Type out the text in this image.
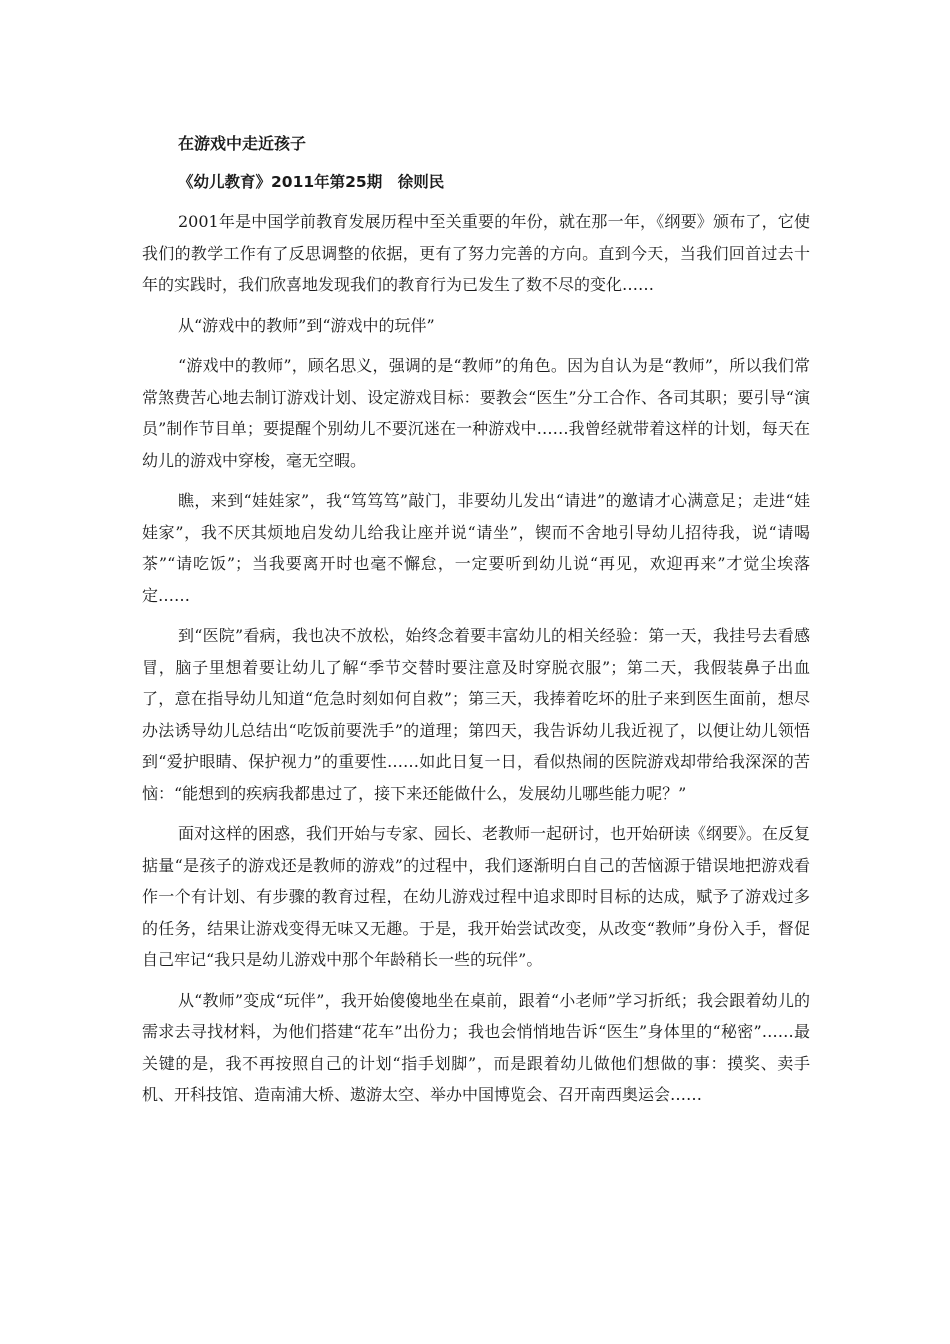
在游戏中走近孩子
《幼儿教育》2011年第25期　徐则民

2001年是中国学前教育发展历程中至关重要的年份，就在那一年，《纲要》颁布了，它使我们的教学工作有了反思调整的依据，更有了努力完善的方向。直到今天，当我们回首过去十年的实践时，我们欣喜地发现我们的教育行为已发生了数不尽的变化……

从“游戏中的教师”到“游戏中的玩伴”

“游戏中的教师”，顾名思义，强调的是“教师”的角色。因为自认为是“教师”，所以我们常常煞费苦心地去制订游戏计划、设定游戏目标：要教会“医生”分工合作、各司其职；要引导“演员”制作节目单；要提醒个别幼儿不要沉迷在一种游戏中……我曾经就带着这样的计划，每天在幼儿的游戏中穿梭，毫无空暇。

瞧，来到“娃娃家”，我“笃笃笃”敲门，非要幼儿发出“请进”的邀请才心满意足；走进“娃娃家”，我不厌其烦地启发幼儿给我让座并说“请坐”，锲而不舍地引导幼儿招待我，说“请喝茶”“请吃饭”；当我要离开时也毫不懈怠，一定要听到幼儿说“再见，欢迎再来”才觉尘埃落定……

到“医院”看病，我也决不放松，始终念着要丰富幼儿的相关经验：第一天，我挂号去看感冒，脑子里想着要让幼儿了解“季节交替时要注意及时穿脱衣服”；第二天，我假装鼻子出血了，意在指导幼儿知道“危急时刻如何自救”；第三天，我捧着吃坏的肚子来到医生面前，想尽办法诱导幼儿总结出“吃饭前要洗手”的道理；第四天，我告诉幼儿我近视了，以便让幼儿领悟到“爱护眼睛、保护视力”的重要性……如此日复一日，看似热闹的医院游戏却带给我深深的苦恼：“能想到的疾病我都患过了，接下来还能做什么，发展幼儿哪些能力呢？”

面对这样的困惑，我们开始与专家、园长、老教师一起研讨，也开始研读《纲要》。在反复掂量“是孩子的游戏还是教师的游戏”的过程中，我们逐渐明白自己的苦恼源于错误地把游戏看作一个有计划、有步骤的教育过程，在幼儿游戏过程中追求即时目标的达成，赋予了游戏过多的任务，结果让游戏变得无味又无趣。于是，我开始尝试改变，从改变“教师”身份入手，督促自己牢记“我只是幼儿游戏中那个年龄稍长一些的玩伴”。

从“教师”变成“玩伴”，我开始傻傻地坐在桌前，跟着“小老师”学习折纸；我会跟着幼儿的需求去寻找材料，为他们搭建“花车”出份力；我也会悄悄地告诉“医生”身体里的“秘密”……最关键的是，我不再按照自己的计划“指手划脚”，而是跟着幼儿做他们想做的事：摸奖、卖手机、开科技馆、造南浦大桥、遨游太空、举办中国博览会、召开南西奥运会……
